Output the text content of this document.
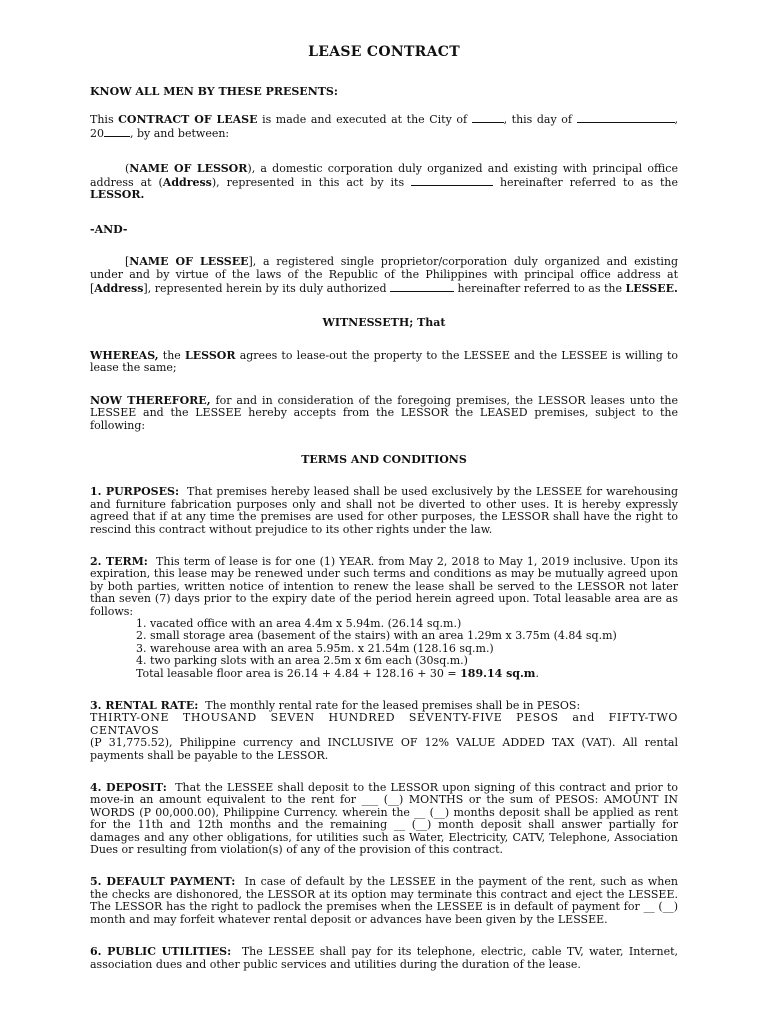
LEASE CONTRACT
KNOW ALL MEN BY THESE PRESENTS:

This CONTRACT OF LEASE is made and executed at the City of	, this day of	, 20 , by and between:

(NAME OF LESSOR), a domestic corporation duly organized and existing with principal office address at (Address), represented in this act by its	hereinafter referred to as the LESSOR.

-AND-

[NAME OF LESSEE], a registered single proprietor/corporation duly organized and existing under and by virtue of the laws of the Republic of the Philippines with principal office address at [Address], represented herein by its duly authorized	hereinafter referred to as the LESSEE.

WITNESSETH; That

WHEREAS, the LESSOR agrees to lease-out the property to the LESSEE and the LESSEE is willing to lease the same;

NOW THEREFORE, for and in consideration of the foregoing premises, the LESSOR leases unto the LESSEE and the LESSEE hereby accepts from the LESSOR the LEASED premises, subject to the following:

TERMS AND CONDITIONS

1. PURPOSES: That premises hereby leased shall be used exclusively by the LESSEE for warehousing and furniture fabrication purposes only and shall not be diverted to other uses. It is hereby expressly agreed that if at any time the premises are used for other purposes, the LESSOR shall have the right to rescind this contract without prejudice to its other rights under the law.

2. TERM: This term of lease is for one (1) YEAR. from May 2, 2018 to May 1, 2019 inclusive. Upon its expiration, this lease may be renewed under such terms and conditions as may be mutually agreed upon by both parties, written notice of intention to renew the lease shall be served to the LESSOR not later than seven (7) days prior to the expiry date of the period herein agreed upon. Total leasable area are as follows:

1. vacated office with an area 4.4m x 5.94m. (26.14 sq.m.)
2. small storage area (basement of the stairs) with an area 1.29m x 3.75m (4.84 sq.m)
3. warehouse area with an area 5.95m. x 21.54m (128.16 sq.m.)
4. two parking slots with an area 2.5m x 6m each (30sq.m.)
Total leasable floor area is 26.14 + 4.84 + 128.16 + 30 = 189.14 sq.m.

3. RENTAL RATE: The monthly rental rate for the leased premises shall be in PESOS:

THIRTY-ONE THOUSAND SEVEN HUNDRED SEVENTY-FIVE PESOS and FIFTY-TWO CENTAVOS

(P 31,775.52), Philippine currency and INCLUSIVE OF 12% VALUE ADDED TAX (VAT). All rental payments shall be payable to the LESSOR.

4. DEPOSIT: That the LESSEE shall deposit to the LESSOR upon signing of this contract and prior to move-in an amount equivalent to the rent for ___ (__) MONTHS or the sum of PESOS: AMOUNT IN WORDS (P 00,000.00), Philippine Currency. wherein the __ (__) months deposit shall be applied as rent for the 11th and 12th months and the remaining __ (__) month deposit shall answer partially for damages and any other obligations, for utilities such as Water, Electricity, CATV, Telephone, Association Dues or resulting from violation(s) of any of the provision of this contract.

5. DEFAULT PAYMENT: In case of default by the LESSEE in the payment of the rent, such as when the checks are dishonored, the LESSOR at its option may terminate this contract and eject the LESSEE. The LESSOR has the right to padlock the premises when the LESSEE is in default of payment for __ (__) month and may forfeit whatever rental deposit or advances have been given by the LESSEE.

6. PUBLIC UTILITIES: The LESSEE shall pay for its telephone, electric, cable TV, water, Internet, association dues and other public services and utilities during the duration of the lease.
